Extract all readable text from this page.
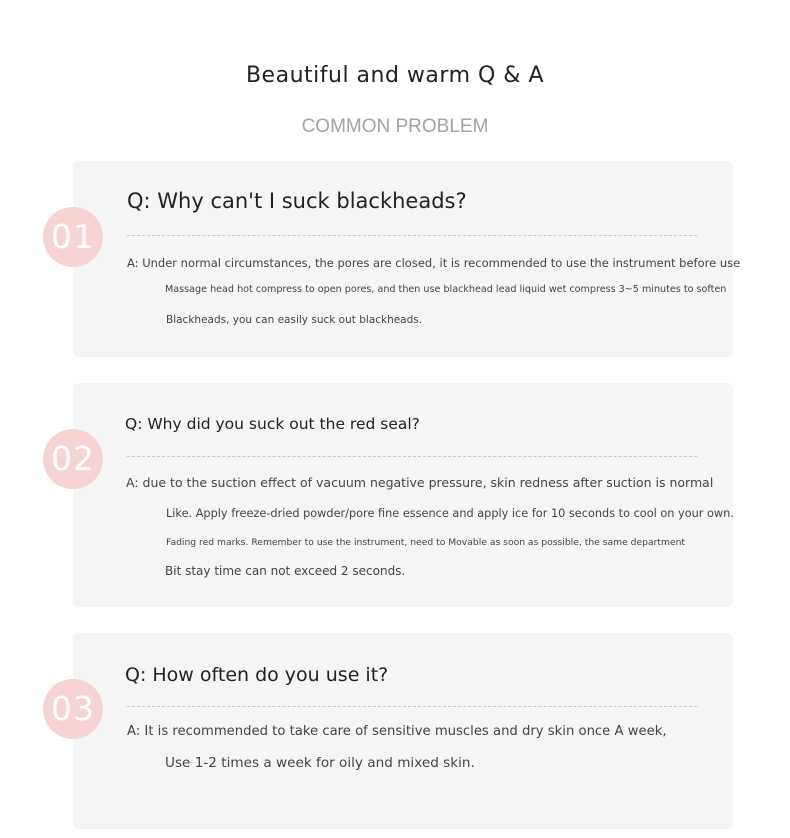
Beautiful and warm Q & A
COMMON PROBLEM
Q: Why can't I suck blackheads?
A: Under normal circumstances, the pores are closed, it is recommended to use the instrument before use
Massage head hot compress to open pores, and then use blackhead lead liquid wet compress 3~5 minutes to soften
Blackheads, you can easily suck out blackheads.
01
Q: Why did you suck out the red seal?
A: due to the suction effect of vacuum negative pressure, skin redness after suction is normal
Like. Apply freeze-dried powder/pore fine essence and apply ice for 10 seconds to cool on your own.
Fading red marks. Remember to use the instrument, need to Movable as soon as possible, the same department
Bit stay time can not exceed 2 seconds.
02
Q: How often do you use it?
A: It is recommended to take care of sensitive muscles and dry skin once A week,
Use 1-2 times a week for oily and mixed skin.
03
